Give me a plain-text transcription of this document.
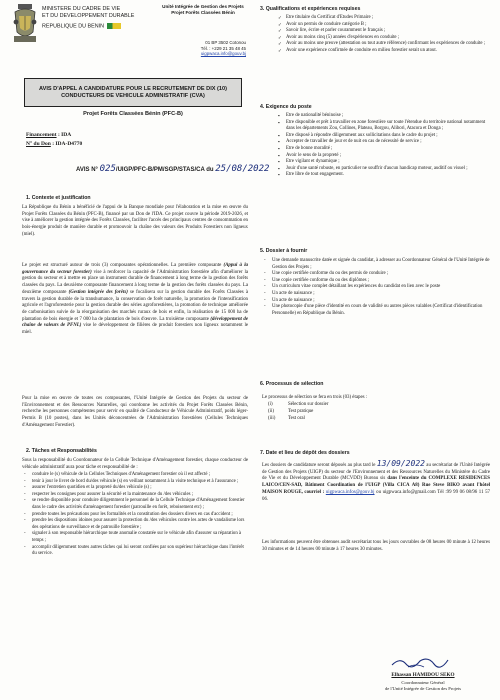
MINISTERE DU CADRE DE VIE
ET DU DEVELOPPEMENT DURABLE
REPUBLIQUE DU BENIN
Unité Intégrée de Gestion des Projets
Projet Forêts Classées Bénin
01 BP 3502 Cotonou
Tél. : +229 21 35 48 45
uigpwaca.info@gouv.bj
AVIS D'APPEL A CANDIDATURE POUR LE RECRUTEMENT DE DIX (10)
CONDUCTEURS DE VEHICULE ADMINISTRATIF (CVA)
Projet Forêts Classées Bénin (PFC-B)
Financement : IDA
N° du Don : IDA-D4770
AVIS N° 025/UIGP/PFC-B/PM/SGP/STAS/CA du 25/08/2022
1. Contexte et justification
La République du Bénin a bénéficié de l'appui de la Banque mondiale pour l'élaboration et la mise en œuvre du Projet Forêts Classées du Bénin (PFC-B), financé par un Don de l'IDA. Ce projet couvre la période 2019-2026, et vise à améliorer la gestion intégrée des Forêts Classées, faciliter l'accès des principaux centres de consommation en bois-énergie produit de manière durable et promouvoir la chaîne des valeurs des Produits Forestiers non ligneux (miel).
Le projet est structuré autour de trois (3) composantes opérationnelles. La première composante (Appui à la gouvernance du secteur forestier) vise à renforcer la capacité de l'Administration forestière afin d'améliorer la gestion du secteur et à mettre en place un instrument durable de financement à long terme de la gestion des forêts classées du pays. La deuxième composante financement à long terme de la gestion des forêts classées du pays. La deuxième composante (Gestion intégrée des forêts) se focalisera sur la gestion durable des Forêts Classées à travers la gestion durable de la transhumance, la conservation de forêt naturelle, la promotion de l'intensification agricole et l'agroforesterie pour la gestion durable des séries agroforestières, la promotion de technique améliorée de carbonisation suivie de la réorganisation des marchés ruraux de bois et enfin, la réalisation de 15 000 ha de plantation de bois énergie et 7 000 ha de plantation de bois d'œuvre. La troisième composante (développement de chaîne de valeurs de PFNL) vise le développement de filières de produit forestiers non ligneux notamment le miel.
Pour la mise en œuvre de toutes ces composantes, l'Unité Intégrée de Gestion des Projets du secteur de l'Environnement et des Ressources Naturelles, qui coordonne les activités du Projet Forêts Classées Bénin, recherche les personnes compétentes pour servir en qualité de Conducteur de Véhicule Administratif, poids léger-Permis B (10 postes), dans les Unités déconcentrées de l'Administration forestières (Cellules Techniques d'Aménagement Forestier).
2. Tâches et Responsabilités
Sous la responsabilité du Coordonnateur de la Cellule Technique d'Aménagement forestier, chaque conducteur de véhicule administratif aura pour tâche et responsabilité de :
- conduire le (s) véhicule de la Cellules Techniques d'Aménagement forestier où il est affecté ;
- tenir à jour le livret de bord du/des véhicule (s) en veillant notamment à la visite technique et à l'assurance ;
- assurer l'entretien quotidien et la propreté du/des véhicule (s) ;
- respecter les consignes pour assurer la sécurité et la maintenance du /des véhicules ;
- se rendre disponible pour conduire diligemment le personnel de la Cellule Technique d'Aménagement forestier dans le cadre des activités d'aménagement forestier (patrouille en forêt, reboisement etc) ;
- prendre toutes les précautions pour les formalités et la constitution des dossiers divers en cas d'accident ;
- prendre les dispositions idoines pour assurer la protection du /des véhicules contre les actes de vandalisme lors des opérations de surveillance et de patrouille forestière ;
- signaler à son responsable hiérarchique toute anomalie constatée sur le véhicule afin d'assurer sa réparation à temps ;
- accomplir diligemment toutes autres tâches qui lui seront confiées par son supérieur hiérarchique dans l'intérêt du service.
3. Qualifications et expériences requises
✓ Etre titulaire du Certificat d'Etudes Primaire ;
✓ Avoir un permis de conduire catégorie B ;
✓ Savoir lire, écrire et parler couramment le français ;
✓ Avoir au moins cinq (5) années d'expériences en conduite ;
✓ Avoir au moins une preuve (attestation ou tout autre référence) confirmant les expériences de conduite ;
✓ Avoir une expérience confirmée de conduite en milieu forestier serait un atout.
4. Exigence du poste
▪ Etre de nationalité béninoise ;
▪ Etre disponible et prêt à travailler en zone forestière sur toute l'étendue du territoire national notamment dans les départements Zou, Collines, Plateau, Borgou, Alibori, Atacora et Donga ;
▪ Etre disposé à répondre diligemment aux sollicitations dans le cadre du projet ;
▪ Accepter de travailler de jour et de nuit en cas de nécessité de service ;
▪ Etre de bonne moralité ;
▪ Avoir le sens de la propreté ;
▪ Etre vigilant et dynamique ;
▪ Jouir d'une santé robuste, en particulier ne souffrir d'aucun handicap moteur, auditif ou visuel ;
▪ Etre libre de tout engagement.
5. Dossier à fournir
- Une demande manuscrite datée et signée du candidat, à adresser au Coordonnateur Général de l'Unité Intégrée de Gestion des Projets ;
- Une copie certifiée conforme du ou des permis de conduire ;
- Une copie certifiée conforme du ou des diplômes ;
- Un curriculum vitae complet détaillant les expériences du candidat en lien avec le poste
- Un acte de naissance ;
- Un acte de naissance ;
- Une photocopie d'une pièce d'identité en cours de validité ou autres pièces valables (Certificat d'identification Personnelle) en République du Bénin.
6. Processus de sélection
Le processus de sélection se fera en trois (03) étapes :
(i)	Sélection sur dossier
(ii)	Test pratique
(iii)	Test oral
7. Date et lieu de dépôt des dossiers
Les dossiers de candidature seront déposés au plus tard le 13/09/2022 au secrétariat de l'Unité Intégrée de Gestion des Projets (UIGP) du secteur de l'Environnement et des Ressources Naturelles du Ministère du Cadre de Vie et du Développement Durable (MCVDD) Bureau sis dans l'enceinte du COMPLEXE RESIDENCES LAICO/CEN-SAD, Bâtiment Coordination de l'UIGP (Villa CICA A8) Rue Steve BIKO avant l'hôtel MAISON ROUGE, courriel : uigpwaca.infos@gouv.bj ou uigpwaca.info@gmail.com Tél :99 99 06 08/96 11 57 06.
Les informations peuvent être obtenues audit secrétariat tous les jours ouvrables de 08 heures 00 minute à 12 heures 30 minutes et de 14 heures 00 minute à 17 heures 30 minutes.
Elhassan HAMIDOU SEKO
Coordonnateur Général
de l'Unité Intégrée de Gestion des Projets
